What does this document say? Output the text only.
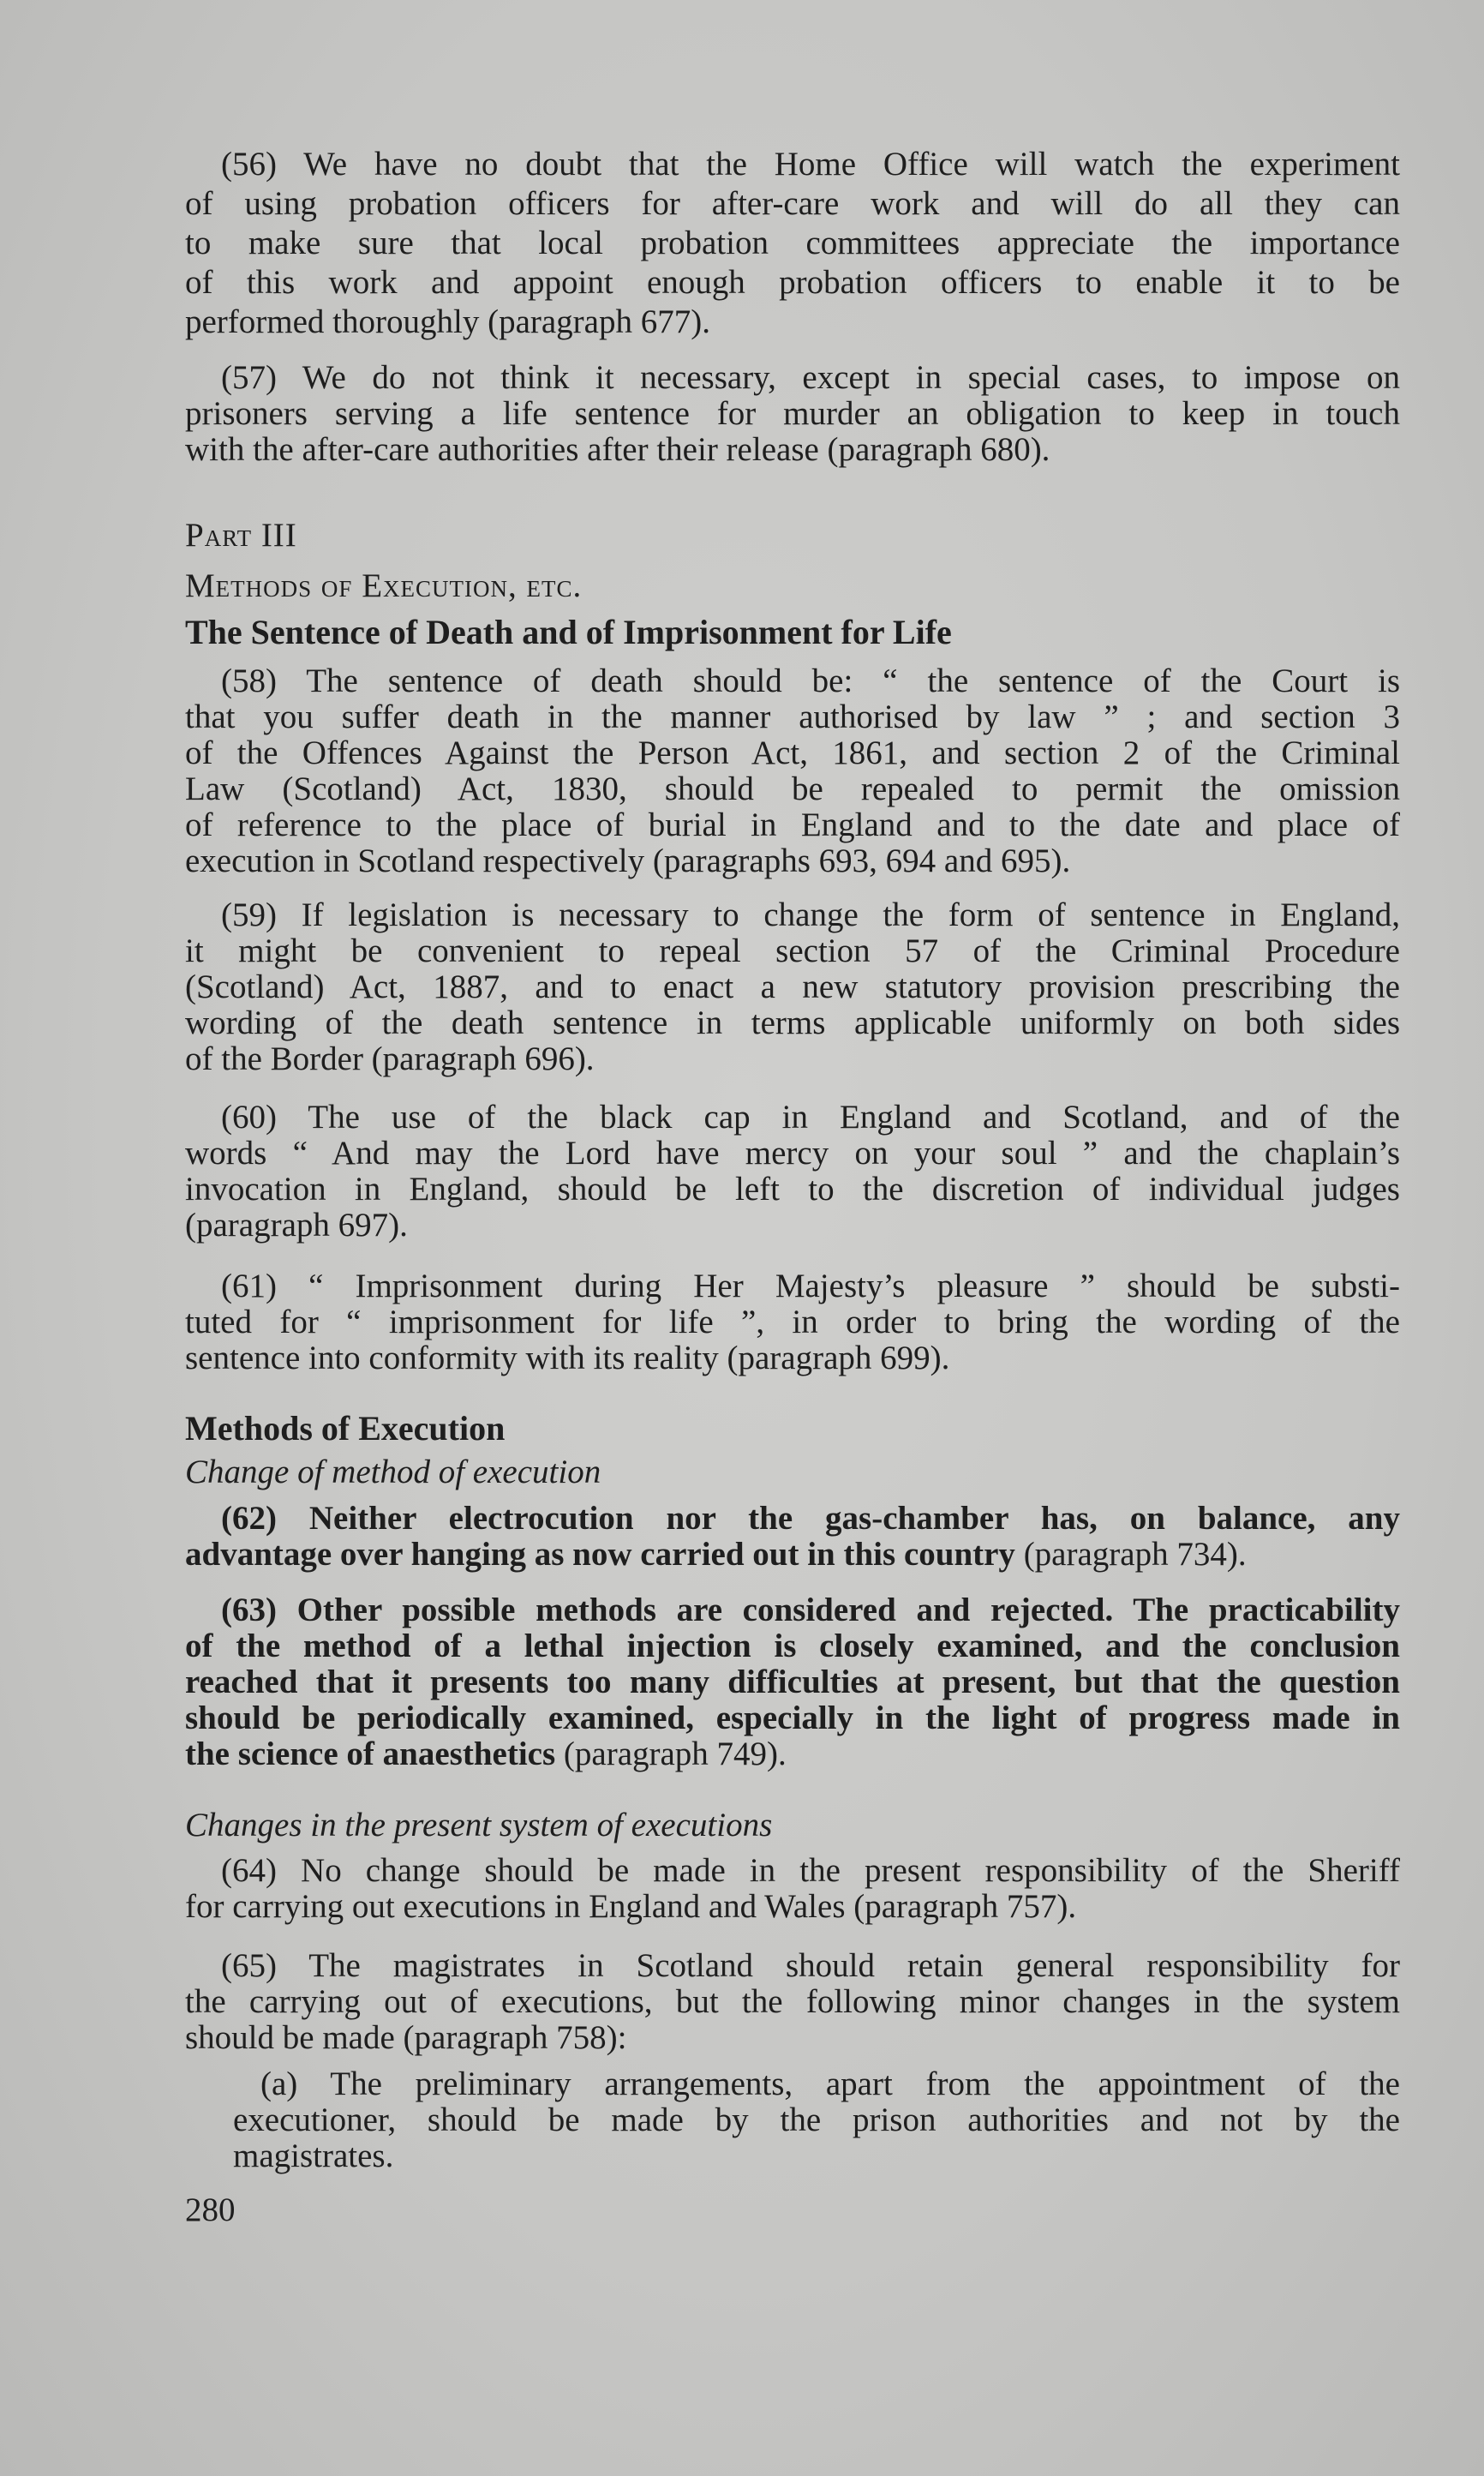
(56) We have no doubt that the Home Office will watch the experiment
of using probation officers for after-care work and will do all they can
to make sure that local probation committees appreciate the importance
of this work and appoint enough probation officers to enable it to be
performed thoroughly (paragraph 677).
(57) We do not think it necessary, except in special cases, to impose on
prisoners serving a life sentence for murder an obligation to keep in touch
with the after-care authorities after their release (paragraph 680).
Part III
Methods of Execution, etc.
The Sentence of Death and of Imprisonment for Life
(58) The sentence of death should be: “ the sentence of the Court is
that you suffer death in the manner authorised by law ” ; and section 3
of the Offences Against the Person Act, 1861, and section 2 of the Criminal
Law (Scotland) Act, 1830, should be repealed to permit the omission
of reference to the place of burial in England and to the date and place of
execution in Scotland respectively (paragraphs 693, 694 and 695).
(59) If legislation is necessary to change the form of sentence in England,
it might be convenient to repeal section 57 of the Criminal Procedure
(Scotland) Act, 1887, and to enact a new statutory provision prescribing the
wording of the death sentence in terms applicable uniformly on both sides
of the Border (paragraph 696).
(60) The use of the black cap in England and Scotland, and of the
words “ And may the Lord have mercy on your soul ” and the chaplain’s
invocation in England, should be left to the discretion of individual judges
(paragraph 697).
(61) “ Imprisonment during Her Majesty’s pleasure ” should be substi-
tuted for “ imprisonment for life ”, in order to bring the wording of the
sentence into conformity with its reality (paragraph 699).
Methods of Execution
Change of method of execution
(62) Neither electrocution nor the gas-chamber has, on balance, any
advantage over hanging as now carried out in this country (paragraph 734).
(63) Other possible methods are considered and rejected. The practicability
of the method of a lethal injection is closely examined, and the conclusion
reached that it presents too many difficulties at present, but that the question
should be periodically examined, especially in the light of progress made in
the science of anaesthetics (paragraph 749).
Changes in the present system of executions
(64) No change should be made in the present responsibility of the Sheriff
for carrying out executions in England and Wales (paragraph 757).
(65) The magistrates in Scotland should retain general responsibility for
the carrying out of executions, but the following minor changes in the system
should be made (paragraph 758):
(a) The preliminary arrangements, apart from the appointment of the
executioner, should be made by the prison authorities and not by the
magistrates.
280
